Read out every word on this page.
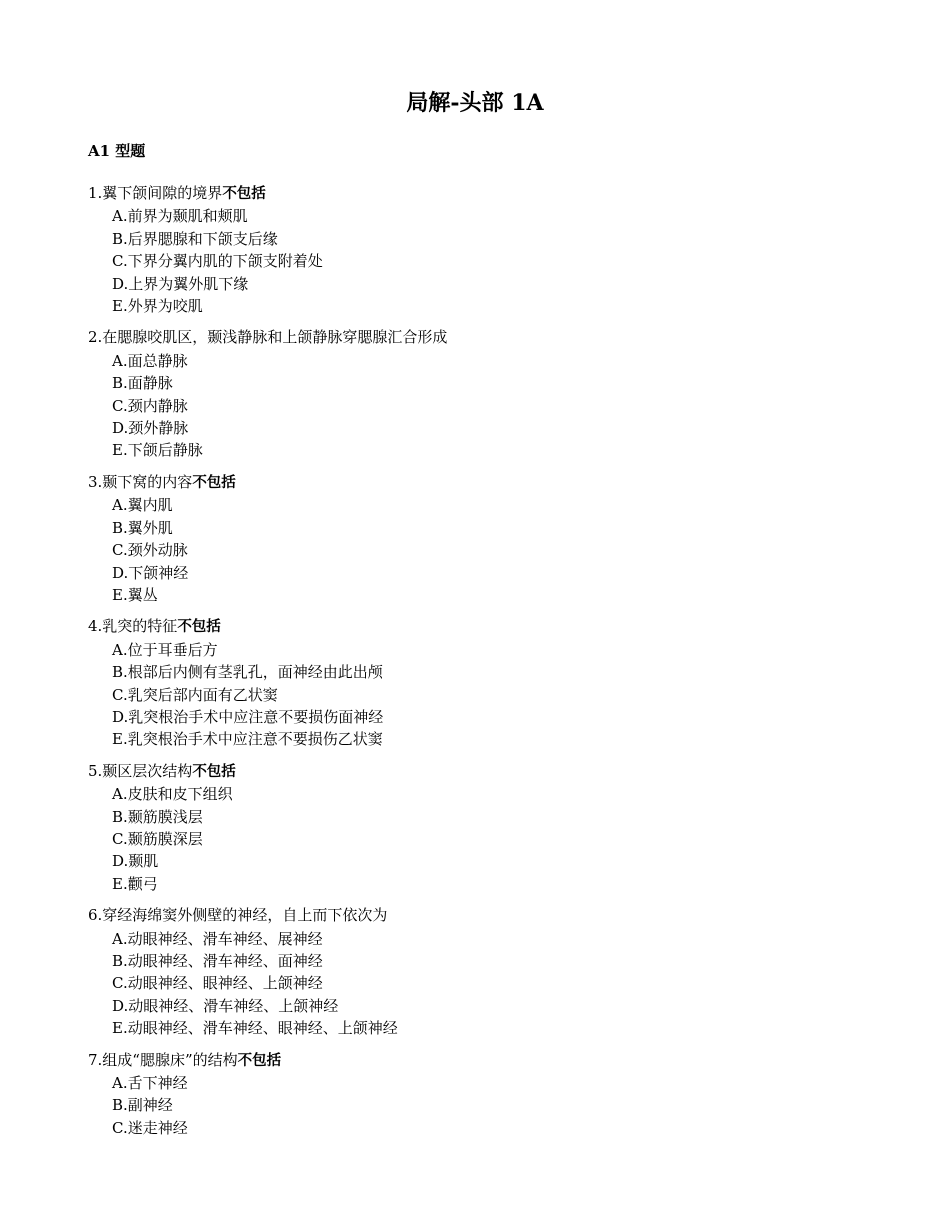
局解-头部 1A
A1 型题
1.翼下颌间隙的境界不包括
A.前界为颞肌和颊肌
B.后界腮腺和下颌支后缘
C.下界分翼内肌的下颌支附着处
D.上界为翼外肌下缘
E.外界为咬肌
2.在腮腺咬肌区，颞浅静脉和上颌静脉穿腮腺汇合形成
A.面总静脉
B.面静脉
C.颈内静脉
D.颈外静脉
E.下颌后静脉
3.颞下窝的内容不包括
A.翼内肌
B.翼外肌
C.颈外动脉
D.下颌神经
E.翼丛
4.乳突的特征不包括
A.位于耳垂后方
B.根部后内侧有茎乳孔，面神经由此出颅
C.乳突后部内面有乙状窦
D.乳突根治手术中应注意不要损伤面神经
E.乳突根治手术中应注意不要损伤乙状窦
5.颞区层次结构不包括
A.皮肤和皮下组织
B.颞筋膜浅层
C.颞筋膜深层
D.颞肌
E.颧弓
6.穿经海绵窦外侧壁的神经，自上而下依次为
A.动眼神经、滑车神经、展神经
B.动眼神经、滑车神经、面神经
C.动眼神经、眼神经、上颌神经
D.动眼神经、滑车神经、上颌神经
E.动眼神经、滑车神经、眼神经、上颌神经
7.组成“腮腺床”的结构不包括
A.舌下神经
B.副神经
C.迷走神经
